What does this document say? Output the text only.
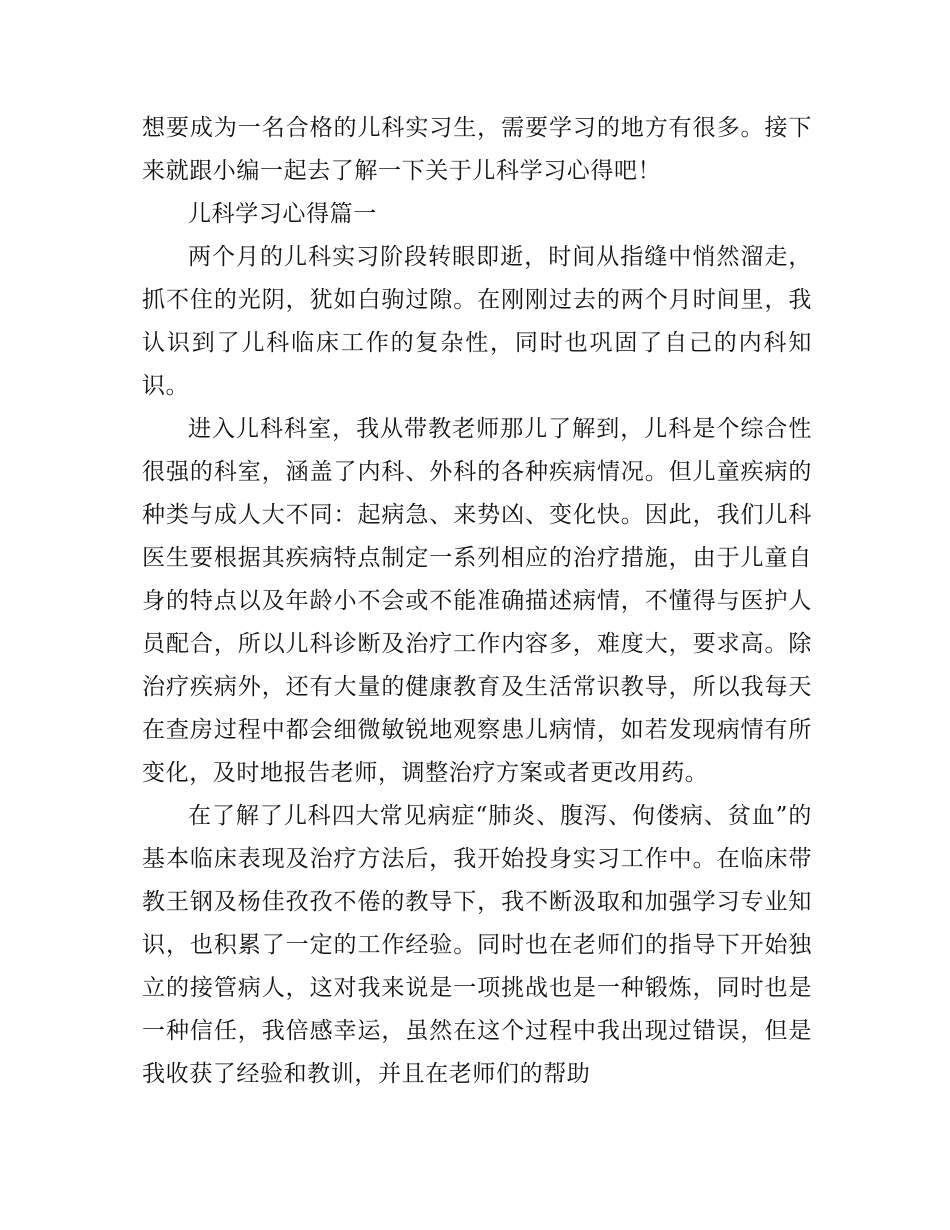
想要成为一名合格的儿科实习生，需要学习的地方有很多。接下来就跟小编一起去了解一下关于儿科学习心得吧！

儿科学习心得篇一

两个月的儿科实习阶段转眼即逝，时间从指缝中悄然溜走，抓不住的光阴，犹如白驹过隙。在刚刚过去的两个月时间里，我认识到了儿科临床工作的复杂性，同时也巩固了自己的内科知识。

进入儿科科室，我从带教老师那儿了解到，儿科是个综合性很强的科室，涵盖了内科、外科的各种疾病情况。但儿童疾病的种类与成人大不同：起病急、来势凶、变化快。因此，我们儿科医生要根据其疾病特点制定一系列相应的治疗措施，由于儿童自身的特点以及年龄小不会或不能准确描述病情，不懂得与医护人员配合，所以儿科诊断及治疗工作内容多，难度大，要求高。除治疗疾病外，还有大量的健康教育及生活常识教导，所以我每天在查房过程中都会细微敏锐地观察患儿病情，如若发现病情有所变化，及时地报告老师，调整治疗方案或者更改用药。

在了解了儿科四大常见病症“肺炎、腹泻、佝偻病、贫血”的基本临床表现及治疗方法后，我开始投身实习工作中。在临床带教王钢及杨佳孜孜不倦的教导下，我不断汲取和加强学习专业知识，也积累了一定的工作经验。同时也在老师们的指导下开始独立的接管病人，这对我来说是一项挑战也是一种锻炼，同时也是一种信任，我倍感幸运，虽然在这个过程中我出现过错误，但是我收获了经验和教训，并且在老师们的帮助
